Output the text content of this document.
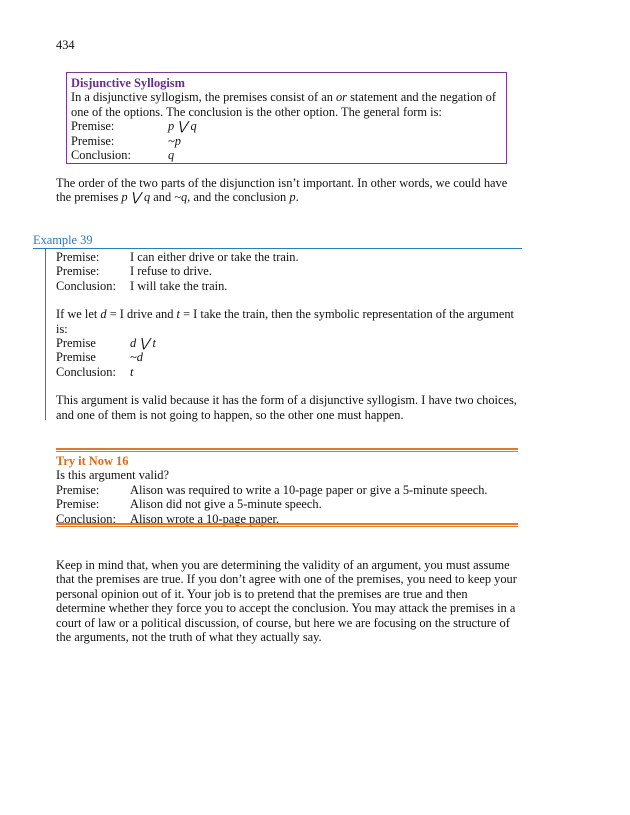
434
Disjunctive Syllogism
In a disjunctive syllogism, the premises consist of an or statement and the negation of one of the options. The conclusion is the other option. The general form is:
Premise:	p ⋁ q
Premise:	~p
Conclusion:	q
The order of the two parts of the disjunction isn’t important. In other words, we could have the premises p ⋁ q and ~q, and the conclusion p.
Example 39
Premise:	I can either drive or take the train.
Premise:	I refuse to drive.
Conclusion:	I will take the train.
If we let d = I drive and t = I take the train, then the symbolic representation of the argument is:
Premise	d ⋁ t
Premise	~d
Conclusion:	t
This argument is valid because it has the form of a disjunctive syllogism. I have two choices, and one of them is not going to happen, so the other one must happen.
Try it Now 16
Is this argument valid?
Premise:	Alison was required to write a 10-page paper or give a 5-minute speech.
Premise:	Alison did not give a 5-minute speech.
Conclusion:	Alison wrote a 10-page paper.
Keep in mind that, when you are determining the validity of an argument, you must assume that the premises are true. If you don’t agree with one of the premises, you need to keep your personal opinion out of it. Your job is to pretend that the premises are true and then determine whether they force you to accept the conclusion. You may attack the premises in a court of law or a political discussion, of course, but here we are focusing on the structure of the arguments, not the truth of what they actually say.
